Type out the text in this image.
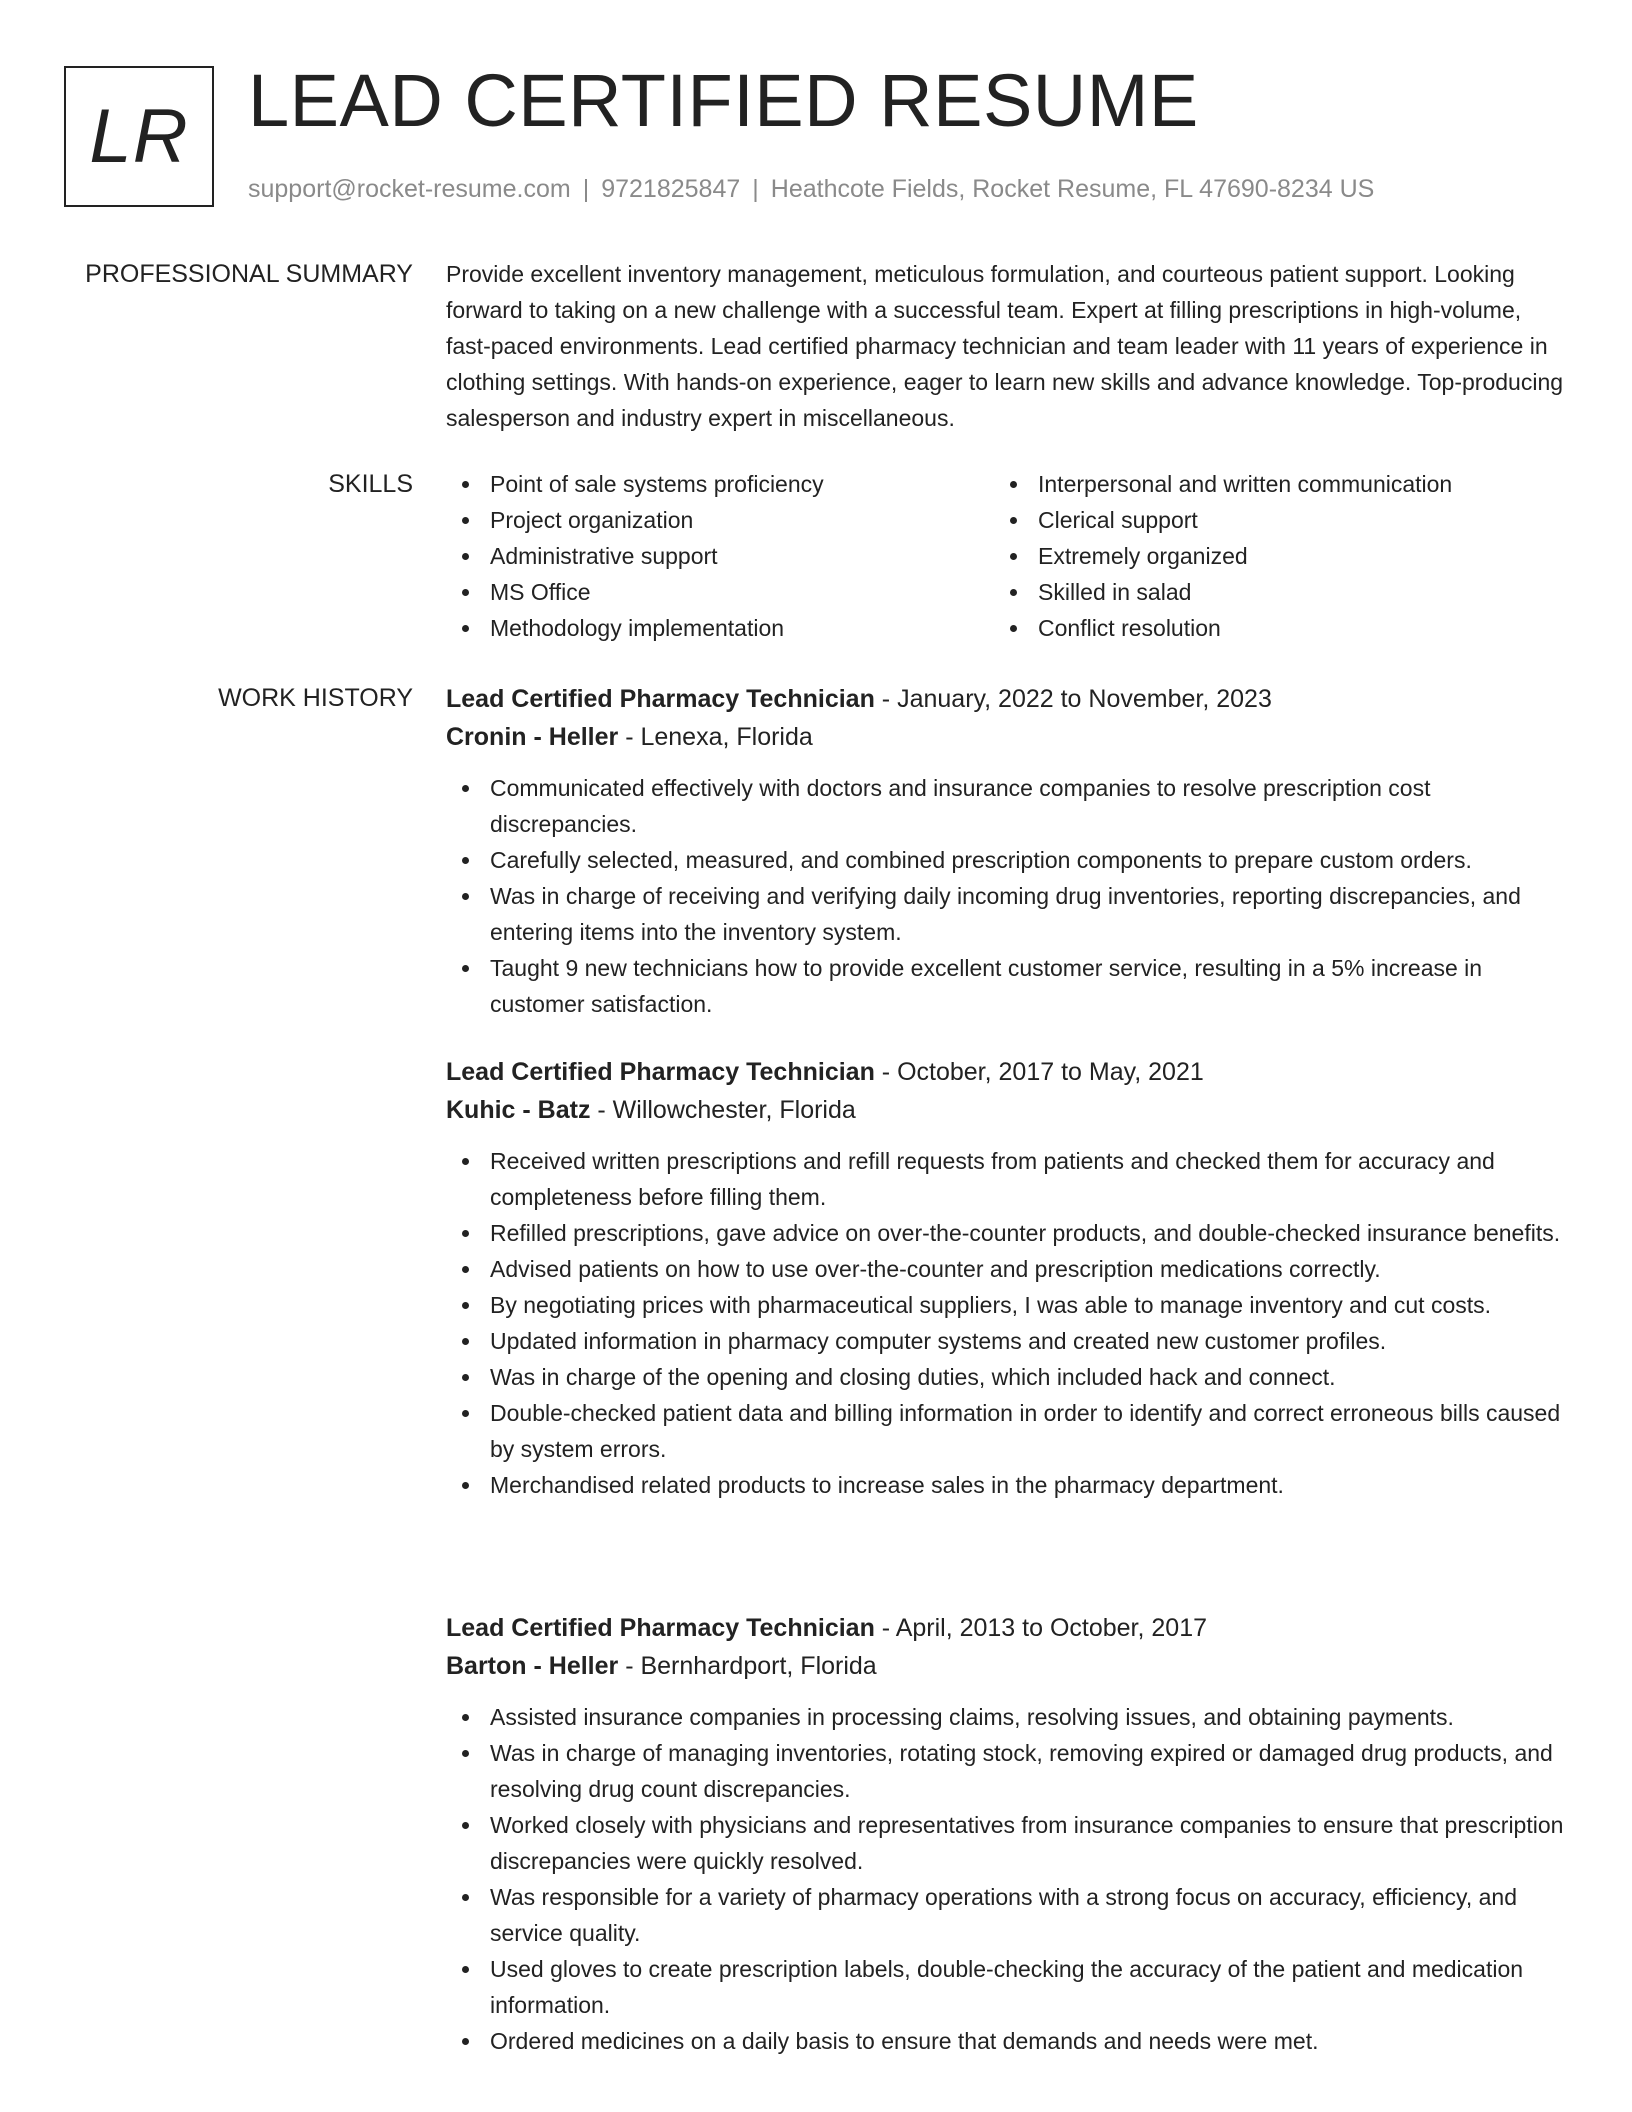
LR LEAD CERTIFIED RESUME
support@rocket-resume.com | 9721825847 | Heathcote Fields, Rocket Resume, FL 47690-8234 US
PROFESSIONAL SUMMARY Provide excellent inventory management, meticulous formulation, and courteous patient support. Looking forward to taking on a new challenge with a successful team. Expert at filling prescriptions in high-volume, fast-paced environments. Lead certified pharmacy technician and team leader with 11 years of experience in clothing settings. With hands-on experience, eager to learn new skills and advance knowledge. Top-producing salesperson and industry expert in miscellaneous.

SKILLS	Point of sale systems proficiency
Project organization
Administrative support
MS Office
Methodology implementation
Interpersonal and written communication
Clerical support
Extremely organized
Skilled in salad
Conflict resolution
WORK HISTORY Lead Certified Pharmacy Technician - January, 2022 to November, 2023
Cronin - Heller - Lenexa, Florida
Communicated effectively with doctors and insurance companies to resolve prescription cost discrepancies.
Carefully selected, measured, and combined prescription components to prepare custom orders.
Was in charge of receiving and verifying daily incoming drug inventories, reporting discrepancies, and entering items into the inventory system.
Taught 9 new technicians how to provide excellent customer service, resulting in a 5% increase in customer satisfaction.
Lead Certified Pharmacy Technician - October, 2017 to May, 2021
Kuhic - Batz - Willowchester, Florida
Received written prescriptions and refill requests from patients and checked them for accuracy and completeness before filling them.
Refilled prescriptions, gave advice on over-the-counter products, and double-checked insurance benefits.
Advised patients on how to use over-the-counter and prescription medications correctly.
By negotiating prices with pharmaceutical suppliers, I was able to manage inventory and cut costs.
Updated information in pharmacy computer systems and created new customer profiles.
Was in charge of the opening and closing duties, which included hack and connect.
Double-checked patient data and billing information in order to identify and correct erroneous bills caused by system errors.
Merchandised related products to increase sales in the pharmacy department.
Lead Certified Pharmacy Technician - April, 2013 to October, 2017
Barton - Heller - Bernhardport, Florida
Assisted insurance companies in processing claims, resolving issues, and obtaining payments.
Was in charge of managing inventories, rotating stock, removing expired or damaged drug products, and resolving drug count discrepancies.
Worked closely with physicians and representatives from insurance companies to ensure that prescription discrepancies were quickly resolved.
Was responsible for a variety of pharmacy operations with a strong focus on accuracy, efficiency, and service quality.
Used gloves to create prescription labels, double-checking the accuracy of the patient and medication information.
Ordered medicines on a daily basis to ensure that demands and needs were met.
